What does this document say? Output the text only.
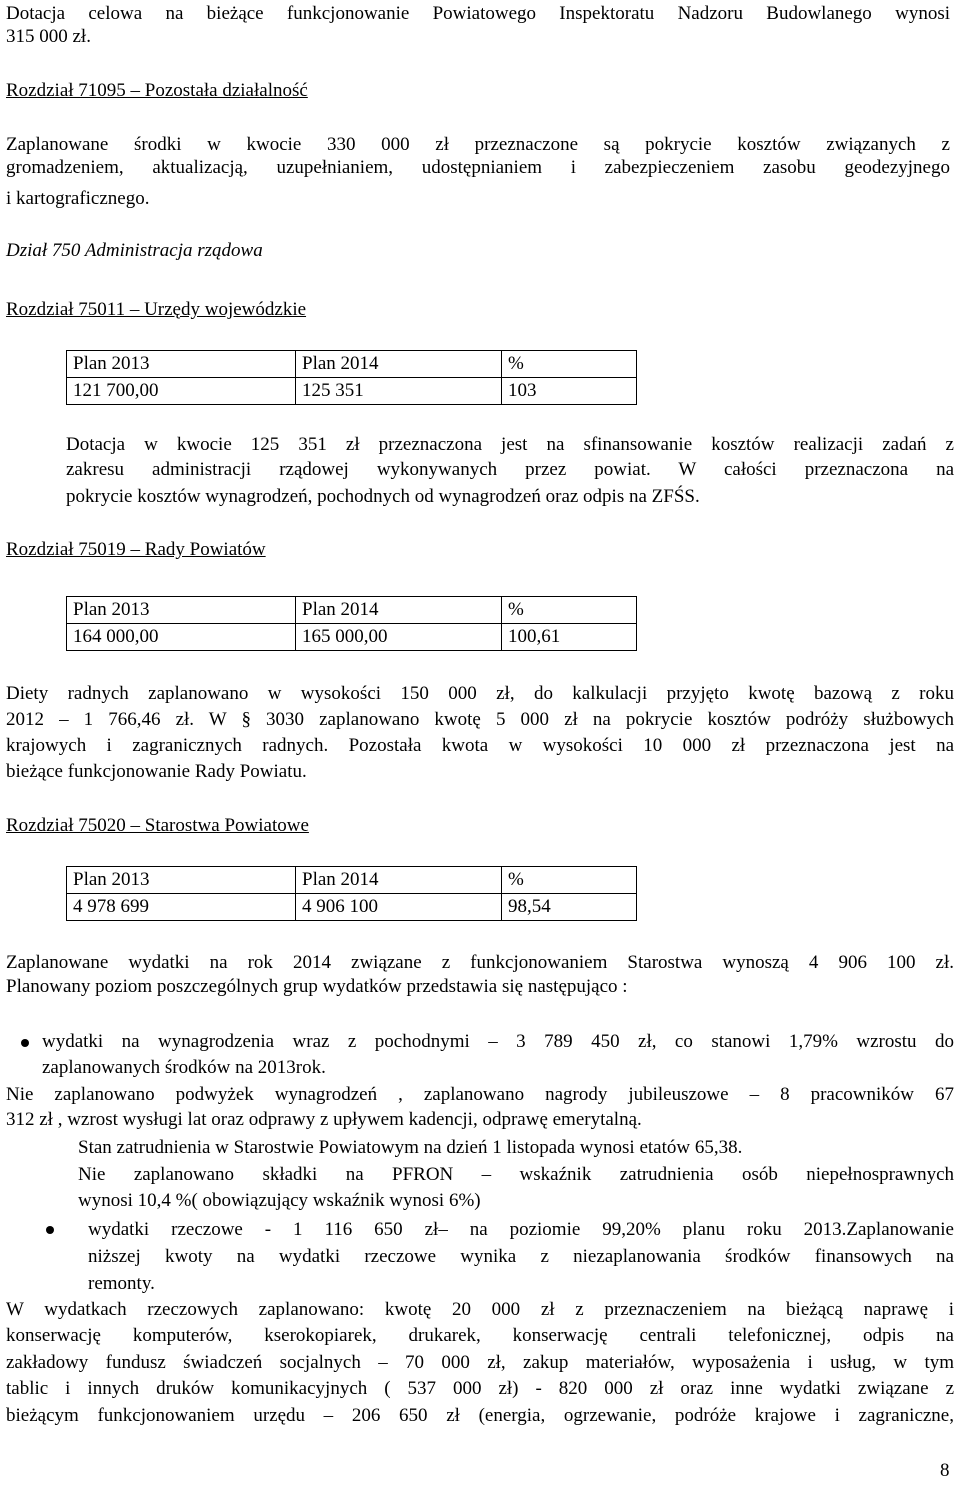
Dotacja celowa na bieżące funkcjonowanie Powiatowego Inspektoratu Nadzoru Budowlanego wynosi
315 000 zł.
Rozdział 71095 – Pozostała działalność
Zaplanowane środki w kwocie 330 000 zł przeznaczone są pokrycie kosztów związanych z
gromadzeniem, aktualizacją, uzupełnianiem, udostępnianiem i zabezpieczeniem zasobu geodezyjnego
i kartograficznego.
Dział 750 Administracja rządowa
Rozdział 75011 – Urzędy wojewódzkie
Plan 2013	Plan 2014	%
121 700,00	125 351	103
Dotacja w kwocie 125 351 zł przeznaczona jest na sfinansowanie kosztów realizacji zadań z
zakresu administracji rządowej wykonywanych przez powiat. W całości przeznaczona na
pokrycie kosztów wynagrodzeń, pochodnych od wynagrodzeń oraz odpis na ZFŚS.
Rozdział 75019 – Rady Powiatów
Plan 2013	Plan 2014	%
164 000,00	165 000,00	100,61
Diety radnych zaplanowano w wysokości 150 000 zł, do kalkulacji przyjęto kwotę bazową z roku
2012 – 1 766,46 zł. W § 3030 zaplanowano kwotę 5 000 zł na pokrycie kosztów podróży służbowych
krajowych i zagranicznych radnych. Pozostała kwota w wysokości 10 000 zł przeznaczona jest na
bieżące funkcjonowanie Rady Powiatu.
Rozdział 75020 – Starostwa Powiatowe
Plan 2013	Plan 2014	%
4 978 699	4 906 100	98,54
Zaplanowane wydatki na rok 2014 związane z funkcjonowaniem Starostwa wynoszą 4 906 100 zł.
Planowany poziom poszczególnych grup wydatków przedstawia się następująco :
wydatki na wynagrodzenia wraz z pochodnymi – 3 789 450 zł, co stanowi 1,79% wzrostu do
zaplanowanych środków na 2013rok.
Nie zaplanowano podwyżek wynagrodzeń , zaplanowano nagrody jubileuszowe – 8 pracowników 67
312 zł , wzrost wysługi lat oraz odprawy z upływem kadencji, odprawę emerytalną.
Stan zatrudnienia w Starostwie Powiatowym na dzień 1 listopada wynosi etatów 65,38.
Nie zaplanowano składki na PFRON – wskaźnik zatrudnienia osób niepełnosprawnych
wynosi 10,4 %( obowiązujący wskaźnik wynosi 6%)
wydatki rzeczowe - 1 116 650 zł– na poziomie 99,20% planu roku 2013.Zaplanowanie
niższej kwoty na wydatki rzeczowe wynika z niezaplanowania środków finansowych na
remonty.
W wydatkach rzeczowych zaplanowano: kwotę 20 000 zł z przeznaczeniem na bieżącą naprawę i
konserwację komputerów, kserokopiarek, drukarek, konserwację centrali telefonicznej, odpis na
zakładowy fundusz świadczeń socjalnych – 70 000 zł, zakup materiałów, wyposażenia i usług, w tym
tablic i innych druków komunikacyjnych ( 537 000 zł) - 820 000 zł oraz inne wydatki związane z
bieżącym funkcjonowaniem urzędu – 206 650 zł (energia, ogrzewanie, podróże krajowe i zagraniczne,
8
